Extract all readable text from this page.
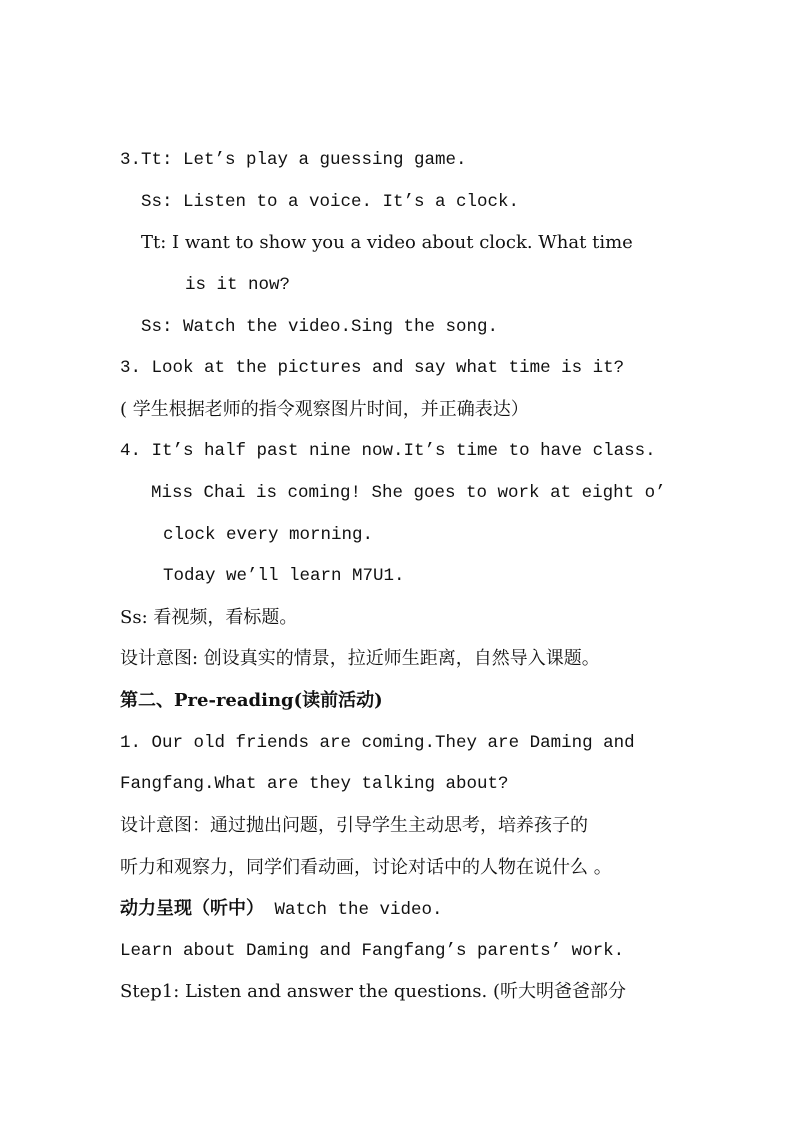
3.Tt: Let’s play a guessing game.
Ss: Listen to a voice. It’s a clock.
Tt: I want to show you a video about clock. What time
is it now?
Ss: Watch the video.Sing the song.
3. Look at the pictures and say what time is it?
( 学生根据老师的指令观察图片时间，并正确表达）
4. It’s half past nine now.It’s time to have class.
Miss Chai is coming! She goes to work at eight o’
clock every morning.
Today we’ll learn M7U1.
Ss: 看视频，看标题。
设计意图: 创设真实的情景，拉近师生距离，自然导入课题。
第二、Pre-reading(读前活动)
1. Our old friends are coming.They are Daming and
Fangfang.What are they talking about?
设计意图：通过抛出问题，引导学生主动思考，培养孩子的
听力和观察力，同学们看动画，讨论对话中的人物在说什么 。
动力呈现（听中） Watch the video.
Learn about Daming and Fangfang’s parents’ work.
Step1: Listen and answer the questions. (听大明爸爸部分
